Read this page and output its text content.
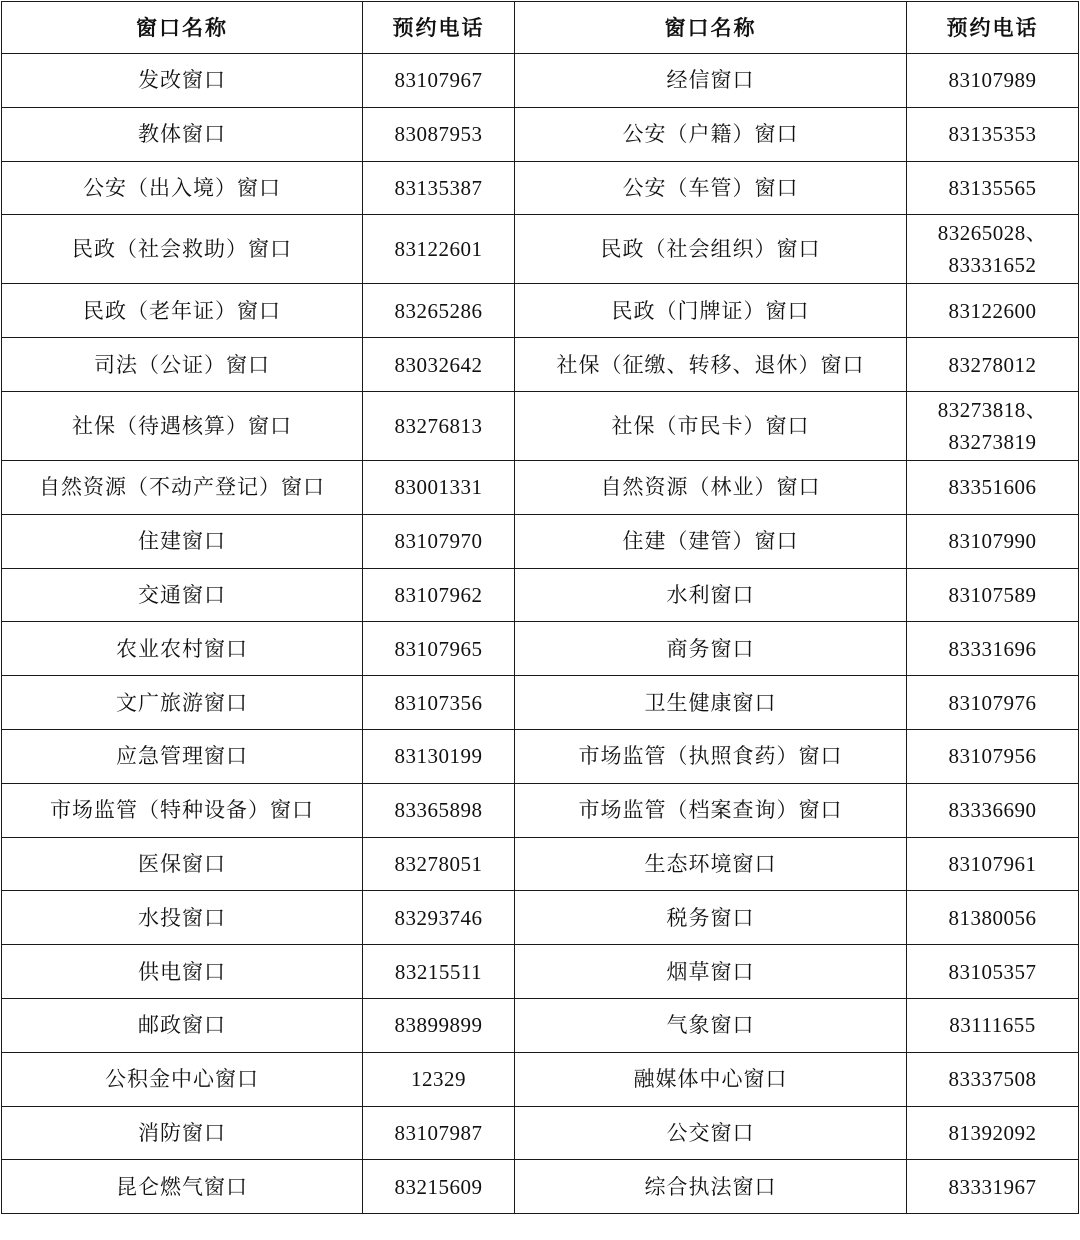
窗口名称	预约电话	窗口名称	预约电话
发改窗口	83107967	经信窗口	83107989

教体窗口	83087953	公安（户籍）窗口	83135353

公安（出入境）窗口	83135387	公安（车管）窗口	83135565

民政（社会救助）窗口	83122601	民政（社会组织）窗口	83265028、
83331652

民政（老年证）窗口	83265286	民政（门牌证）窗口	83122600

司法（公证）窗口	83032642	社保（征缴、转移、退休）窗口	83278012

社保（待遇核算）窗口	83276813	社保（市民卡）窗口	83273818、
83273819

自然资源（不动产登记）窗口	83001331	自然资源（林业）窗口	83351606

住建窗口	83107970	住建（建管）窗口	83107990

交通窗口	83107962	水利窗口	83107589

农业农村窗口	83107965	商务窗口	83331696

文广旅游窗口	83107356	卫生健康窗口	83107976

应急管理窗口	83130199	市场监管（执照食药）窗口	83107956

市场监管（特种设备）窗口	83365898	市场监管（档案查询）窗口	83336690

医保窗口	83278051	生态环境窗口	83107961

水投窗口	83293746	税务窗口	81380056

供电窗口	83215511	烟草窗口	83105357

邮政窗口	83899899	气象窗口	83111655

公积金中心窗口	12329	融媒体中心窗口	83337508

消防窗口	83107987	公交窗口	81392092

昆仑燃气窗口	83215609	综合执法窗口	83331967
